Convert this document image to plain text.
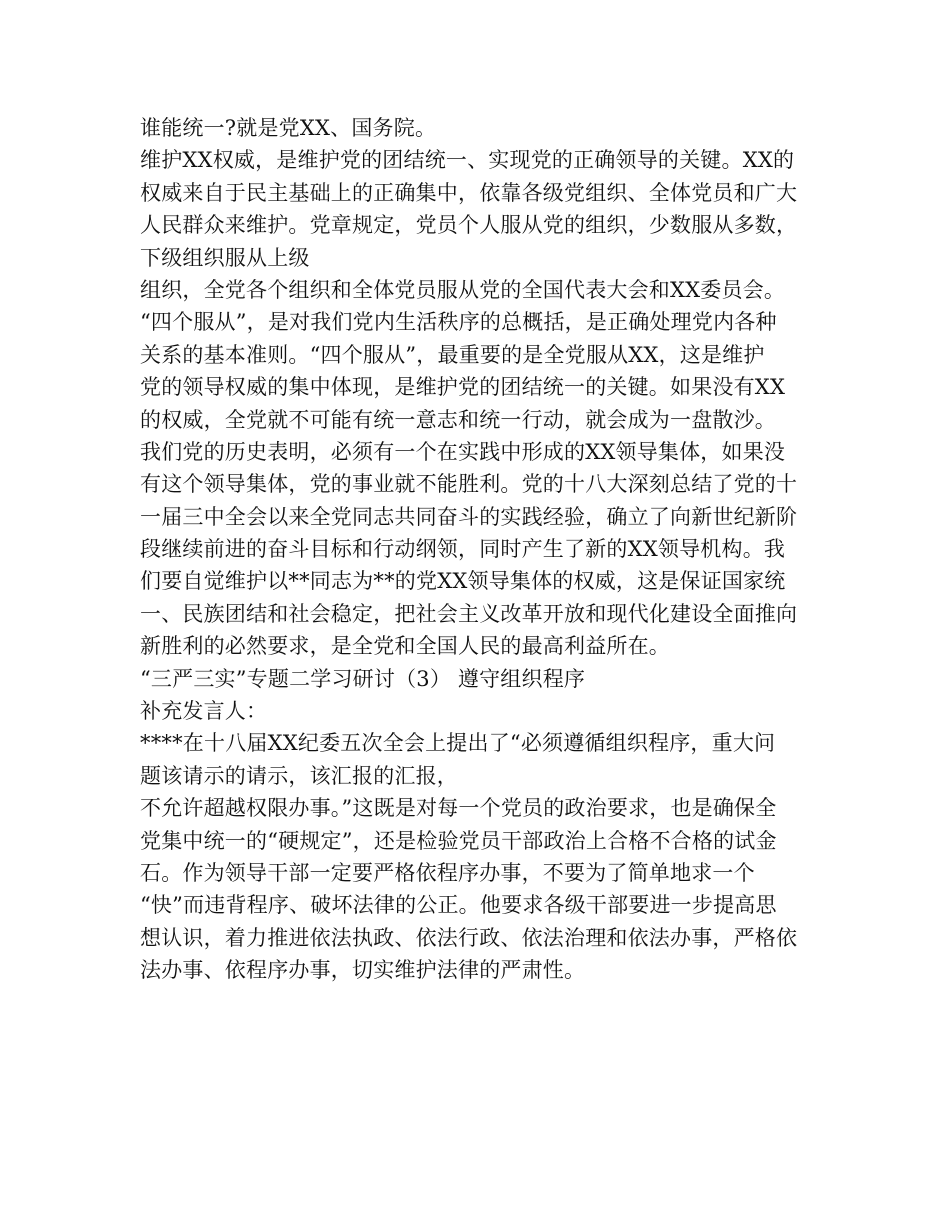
谁能统一?就是党XX、国务院。
维护XX权威，是维护党的团结统一、实现党的正确领导的关键。XX的
权威来自于民主基础上的正确集中，依靠各级党组织、全体党员和广大
人民群众来维护。党章规定，党员个人服从党的组织，少数服从多数，
下级组织服从上级
组织，全党各个组织和全体党员服从党的全国代表大会和XX委员会。
“四个服从”，是对我们党内生活秩序的总概括，是正确处理党内各种
关系的基本准则。“四个服从”，最重要的是全党服从XX，这是维护
党的领导权威的集中体现，是维护党的团结统一的关键。如果没有XX
的权威，全党就不可能有统一意志和统一行动，就会成为一盘散沙。
我们党的历史表明，必须有一个在实践中形成的XX领导集体，如果没
有这个领导集体，党的事业就不能胜利。党的十八大深刻总结了党的十
一届三中全会以来全党同志共同奋斗的实践经验，确立了向新世纪新阶
段继续前进的奋斗目标和行动纲领，同时产生了新的XX领导机构。我
们要自觉维护以**同志为**的党XX领导集体的权威，这是保证国家统
一、民族团结和社会稳定，把社会主义改革开放和现代化建设全面推向
新胜利的必然要求，是全党和全国人民的最高利益所在。
“三严三实”专题二学习研讨（3） 遵守组织程序
补充发言人：
****在十八届XX纪委五次全会上提出了“必须遵循组织程序，重大问
题该请示的请示，该汇报的汇报，
不允许超越权限办事。”这既是对每一个党员的政治要求，也是确保全
党集中统一的“硬规定”，还是检验党员干部政治上合格不合格的试金
石。作为领导干部一定要严格依程序办事，不要为了简单地求一个
“快”而违背程序、破坏法律的公正。他要求各级干部要进一步提高思
想认识，着力推进依法执政、依法行政、依法治理和依法办事，严格依
法办事、依程序办事，切实维护法律的严肃性。
